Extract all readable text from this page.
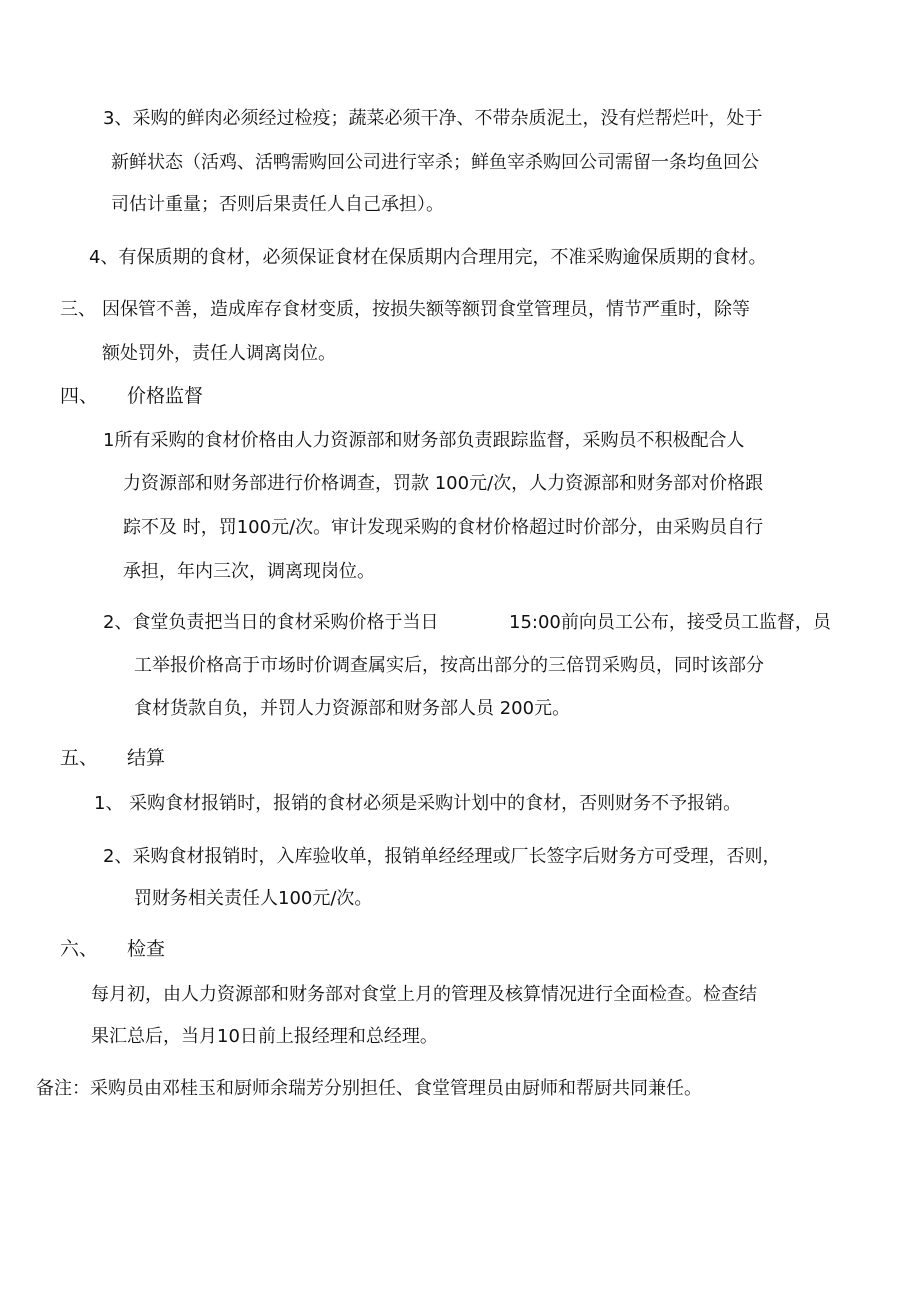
3、采购的鲜肉必须经过检疫；蔬菜必须干净、不带杂质泥土，没有烂帮烂叶，处于
新鲜状态（活鸡、活鸭需购回公司进行宰杀；鲜鱼宰杀购回公司需留一条均鱼回公
司估计重量；否则后果责任人自己承担）。
4、有保质期的食材，必须保证食材在保质期内合理用完，不准采购逾保质期的食材。
三、 因保管不善，造成库存食材变质，按损失额等额罚食堂管理员，情节严重时，除等
额处罚外，责任人调离岗位。
四、 价格监督
1所有采购的食材价格由人力资源部和财务部负责跟踪监督，采购员不积极配合人
力资源部和财务部进行价格调查，罚款 100元/次，人力资源部和财务部对价格跟
踪不及 时，罚100元/次。审计发现采购的食材价格超过时价部分，由采购员自行
承担，年内三次，调离现岗位。
2、食堂负责把当日的食材采购价格于当日	15:00前向员工公布，接受员工监督，员
工举报价格高于市场时价调查属实后，按高出部分的三倍罚采购员，同时该部分
食材货款自负，并罚人力资源部和财务部人员 200元。
五、 结算
1、 采购食材报销时，报销的食材必须是采购计划中的食材，否则财务不予报销。
2、采购食材报销时，入库验收单，报销单经经理或厂长签字后财务方可受理，否则，
罚财务相关责任人100元/次。
六、 检查
每月初，由人力资源部和财务部对食堂上月的管理及核算情况进行全面检查。检查结
果汇总后，当月10日前上报经理和总经理。
备注：采购员由邓桂玉和厨师余瑞芳分别担任、食堂管理员由厨师和帮厨共同兼任。
